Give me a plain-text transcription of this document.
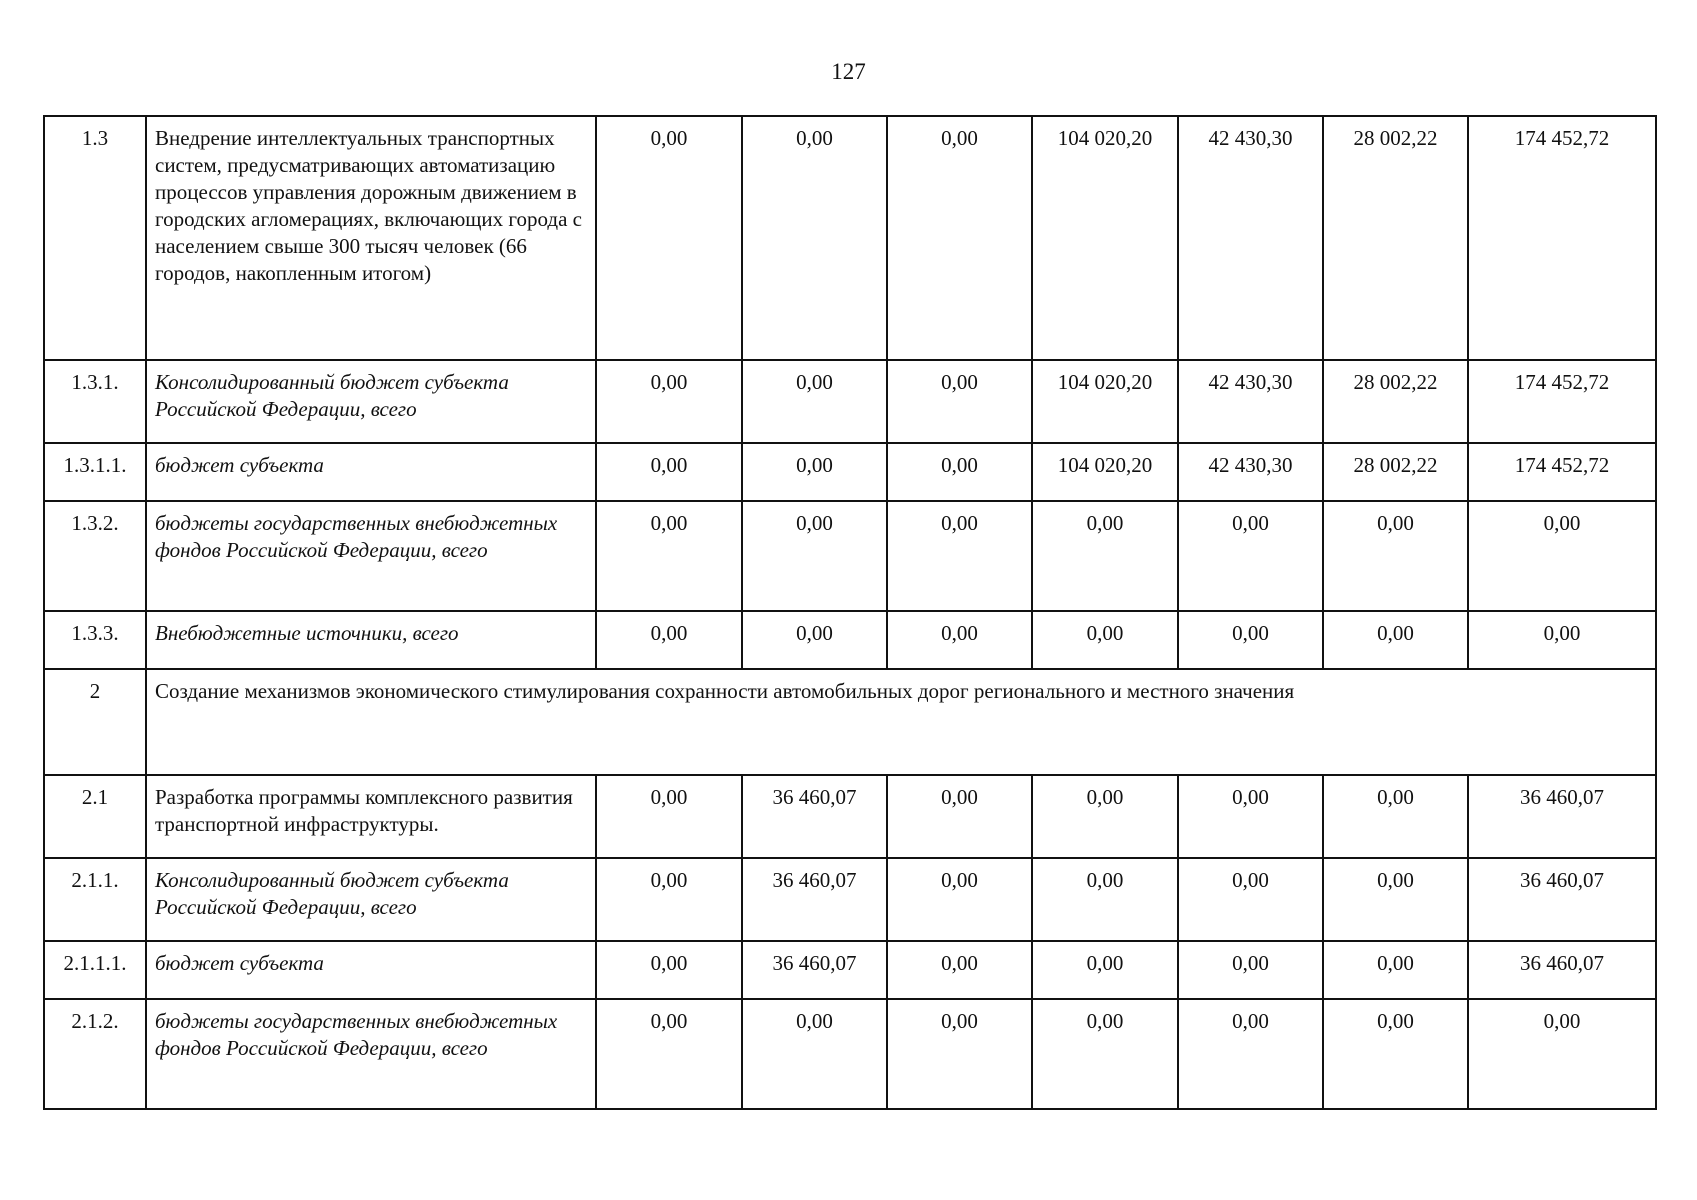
127
1.3	Внедрение интеллектуальных транспортных систем, предусматривающих автоматизацию процессов управления дорожным движением в городских агломерациях, включающих города с населением свыше 300 тысяч человек (66 городов, накопленным итогом)	0,00	0,00	0,00	104 020,20	42 430,30	28 002,22	174 452,72
1.3.1.	Консолидированный бюджет субъекта Российской Федерации, всего	0,00	0,00	0,00	104 020,20	42 430,30	28 002,22	174 452,72
1.3.1.1.	бюджет субъекта	0,00	0,00	0,00	104 020,20	42 430,30	28 002,22	174 452,72
1.3.2.	бюджеты государственных внебюджетных фондов Российской Федерации, всего	0,00	0,00	0,00	0,00	0,00	0,00	0,00
1.3.3.	Внебюджетные источники, всего	0,00	0,00	0,00	0,00	0,00	0,00	0,00
2	Создание механизмов экономического стимулирования сохранности автомобильных дорог регионального и местного значения							
2.1	Разработка программы комплексного развития транспортной инфраструктуры.	0,00	36 460,07	0,00	0,00	0,00	0,00	36 460,07
2.1.1.	Консолидированный бюджет субъекта Российской Федерации, всего	0,00	36 460,07	0,00	0,00	0,00	0,00	36 460,07
2.1.1.1.	бюджет субъекта	0,00	36 460,07	0,00	0,00	0,00	0,00	36 460,07
2.1.2.	бюджеты государственных внебюджетных фондов Российской Федерации, всего	0,00	0,00	0,00	0,00	0,00	0,00	0,00
